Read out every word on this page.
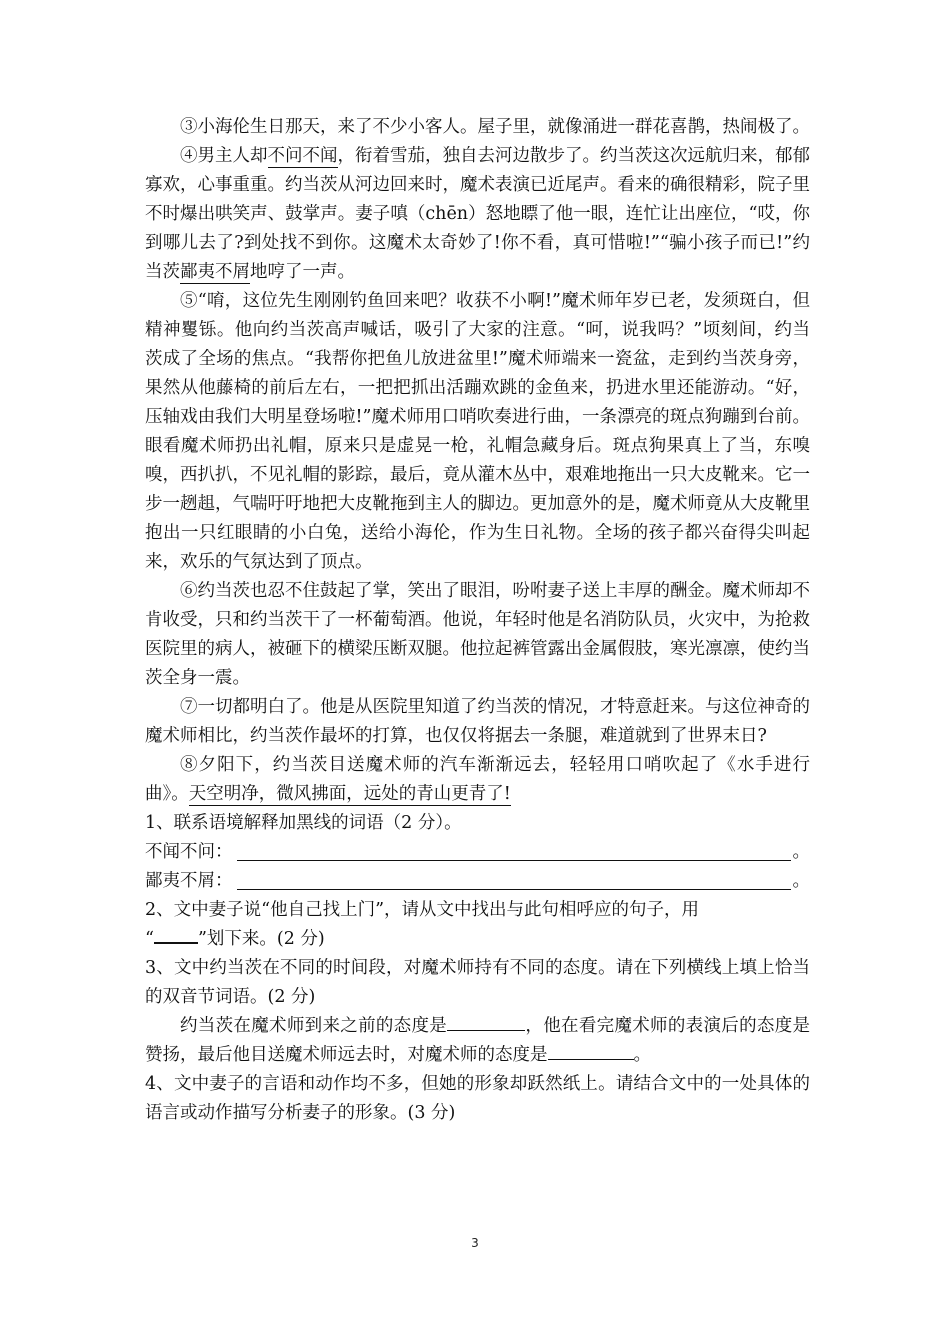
③小海伦生日那天，来了不少小客人。屋子里，就像涌进一群花喜鹊，热闹极了。

④男主人却不问不闻，衔着雪茄，独自去河边散步了。约当茨这次远航归来，郁郁寡欢，心事重重。约当茨从河边回来时，魔术表演已近尾声。看来的确很精彩，院子里不时爆出哄笑声、鼓掌声。妻子嗔（chēn）怒地瞟了他一眼，连忙让出座位，“哎，你到哪儿去了?到处找不到你。这魔术太奇妙了!你不看，真可惜啦!”“骗小孩子而已!”约当茨鄙夷不屑地哼了一声。

⑤“唷，这位先生刚刚钓鱼回来吧？收获不小啊!”魔术师年岁已老，发须斑白，但精神矍铄。他向约当茨高声喊话，吸引了大家的注意。“呵，说我吗？”顷刻间，约当茨成了全场的焦点。“我帮你把鱼儿放进盆里!”魔术师端来一瓷盆，走到约当茨身旁，果然从他藤椅的前后左右，一把把抓出活蹦欢跳的金鱼来，扔进水里还能游动。“好，压轴戏由我们大明星登场啦!”魔术师用口哨吹奏进行曲，一条漂亮的斑点狗蹦到台前。眼看魔术师扔出礼帽，原来只是虚晃一枪，礼帽急藏身后。斑点狗果真上了当，东嗅嗅，西扒扒，不见礼帽的影踪，最后，竟从灌木丛中，艰难地拖出一只大皮靴来。它一步一趔趄，气喘吁吁地把大皮靴拖到主人的脚边。更加意外的是，魔术师竟从大皮靴里抱出一只红眼睛的小白兔，送给小海伦，作为生日礼物。全场的孩子都兴奋得尖叫起来，欢乐的气氛达到了顶点。

⑥约当茨也忍不住鼓起了掌，笑出了眼泪，吩咐妻子送上丰厚的酬金。魔术师却不肯收受，只和约当茨干了一杯葡萄酒。他说，年轻时他是名消防队员，火灾中，为抢救医院里的病人，被砸下的横梁压断双腿。他拉起裤管露出金属假肢，寒光凛凛，使约当茨全身一震。

⑦一切都明白了。他是从医院里知道了约当茨的情况，才特意赶来。与这位神奇的魔术师相比，约当茨作最坏的打算，也仅仅将据去一条腿，难道就到了世界末日?

⑧夕阳下，约当茨目送魔术师的汽车渐渐远去，轻轻用口哨吹起了《水手进行曲》。天空明净，微风拂面，远处的青山更青了!

1、联系语境解释加黑线的词语（2 分）。

不闻不问：	。

鄙夷不屑：	。

2、文中妻子说“他自己找上门”，请从文中找出与此句相呼应的句子，用
“	”划下来。(2 分)

3、文中约当茨在不同的时间段，对魔术师持有不同的态度。请在下列横线上填上恰当的双音节词语。(2 分)

约当茨在魔术师到来之前的态度是	，他在看完魔术师的表演后的态度是赞扬，最后他目送魔术师远去时，对魔术师的态度是	。

4、文中妻子的言语和动作均不多，但她的形象却跃然纸上。请结合文中的一处具体的语言或动作描写分析妻子的形象。(3 分)

3
